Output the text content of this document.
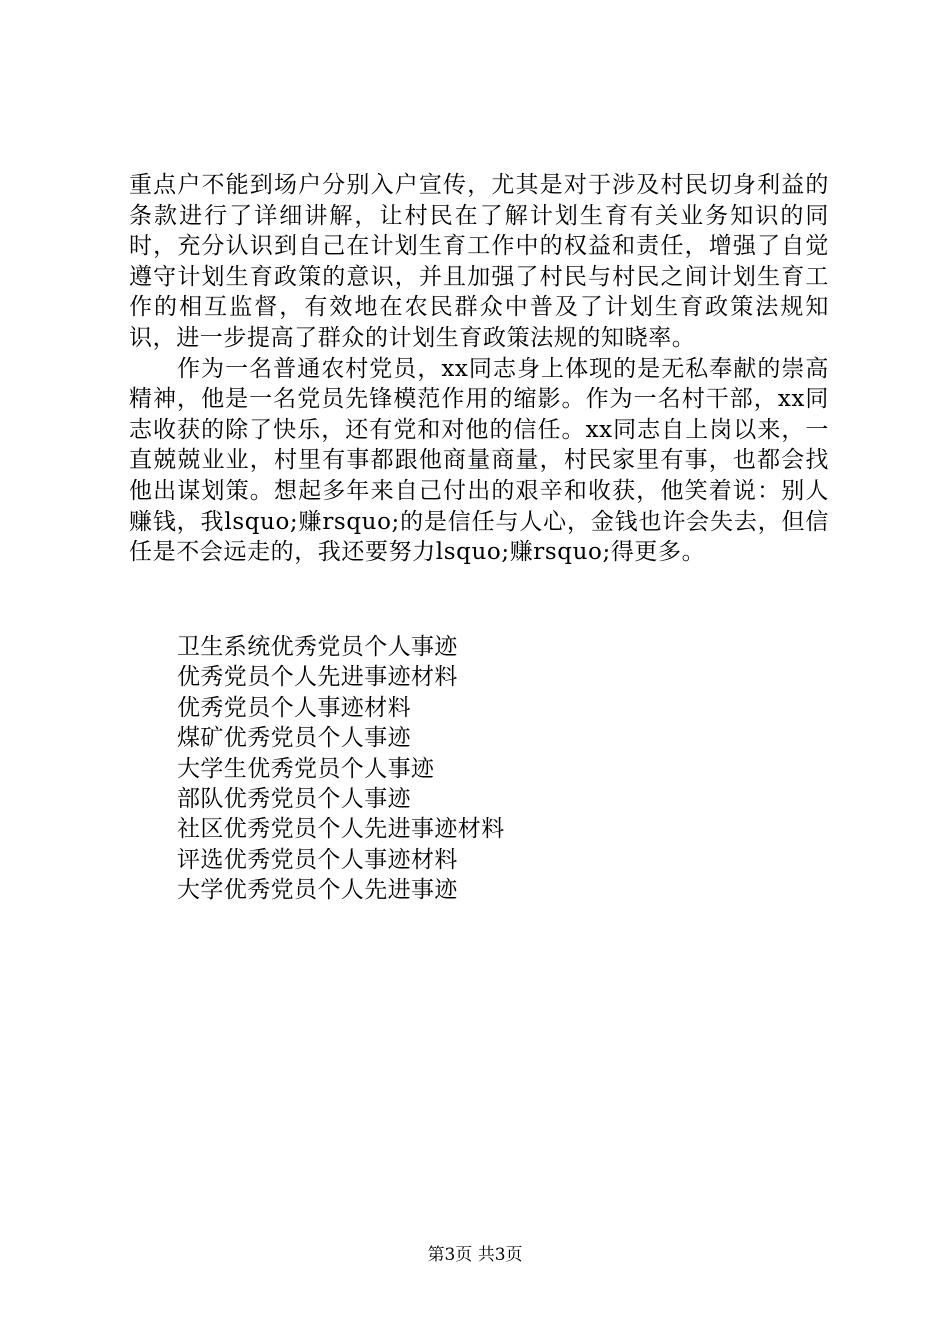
重点户不能到场户分别入户宣传，尤其是对于涉及村民切身利益的条款进行了详细讲解，让村民在了解计划生育有关业务知识的同时，充分认识到自己在计划生育工作中的权益和责任，增强了自觉遵守计划生育政策的意识，并且加强了村民与村民之间计划生育工作的相互监督，有效地在农民群众中普及了计划生育政策法规知识，进一步提高了群众的计划生育政策法规的知晓率。

作为一名普通农村党员，xx同志身上体现的是无私奉献的崇高精神，他是一名党员先锋模范作用的缩影。作为一名村干部，xx同志收获的除了快乐，还有党和对他的信任。xx同志自上岗以来，一直兢兢业业，村里有事都跟他商量商量，村民家里有事，也都会找他出谋划策。想起多年来自己付出的艰辛和收获，他笑着说：别人赚钱，我lsquo;赚rsquo;的是信任与人心，金钱也许会失去，但信任是不会远走的，我还要努力lsquo;赚rsquo;得更多。

卫生系统优秀党员个人事迹
优秀党员个人先进事迹材料
优秀党员个人事迹材料
煤矿优秀党员个人事迹
大学生优秀党员个人事迹
部队优秀党员个人事迹
社区优秀党员个人先进事迹材料
评选优秀党员个人事迹材料
大学优秀党员个人先进事迹
第3页 共3页
